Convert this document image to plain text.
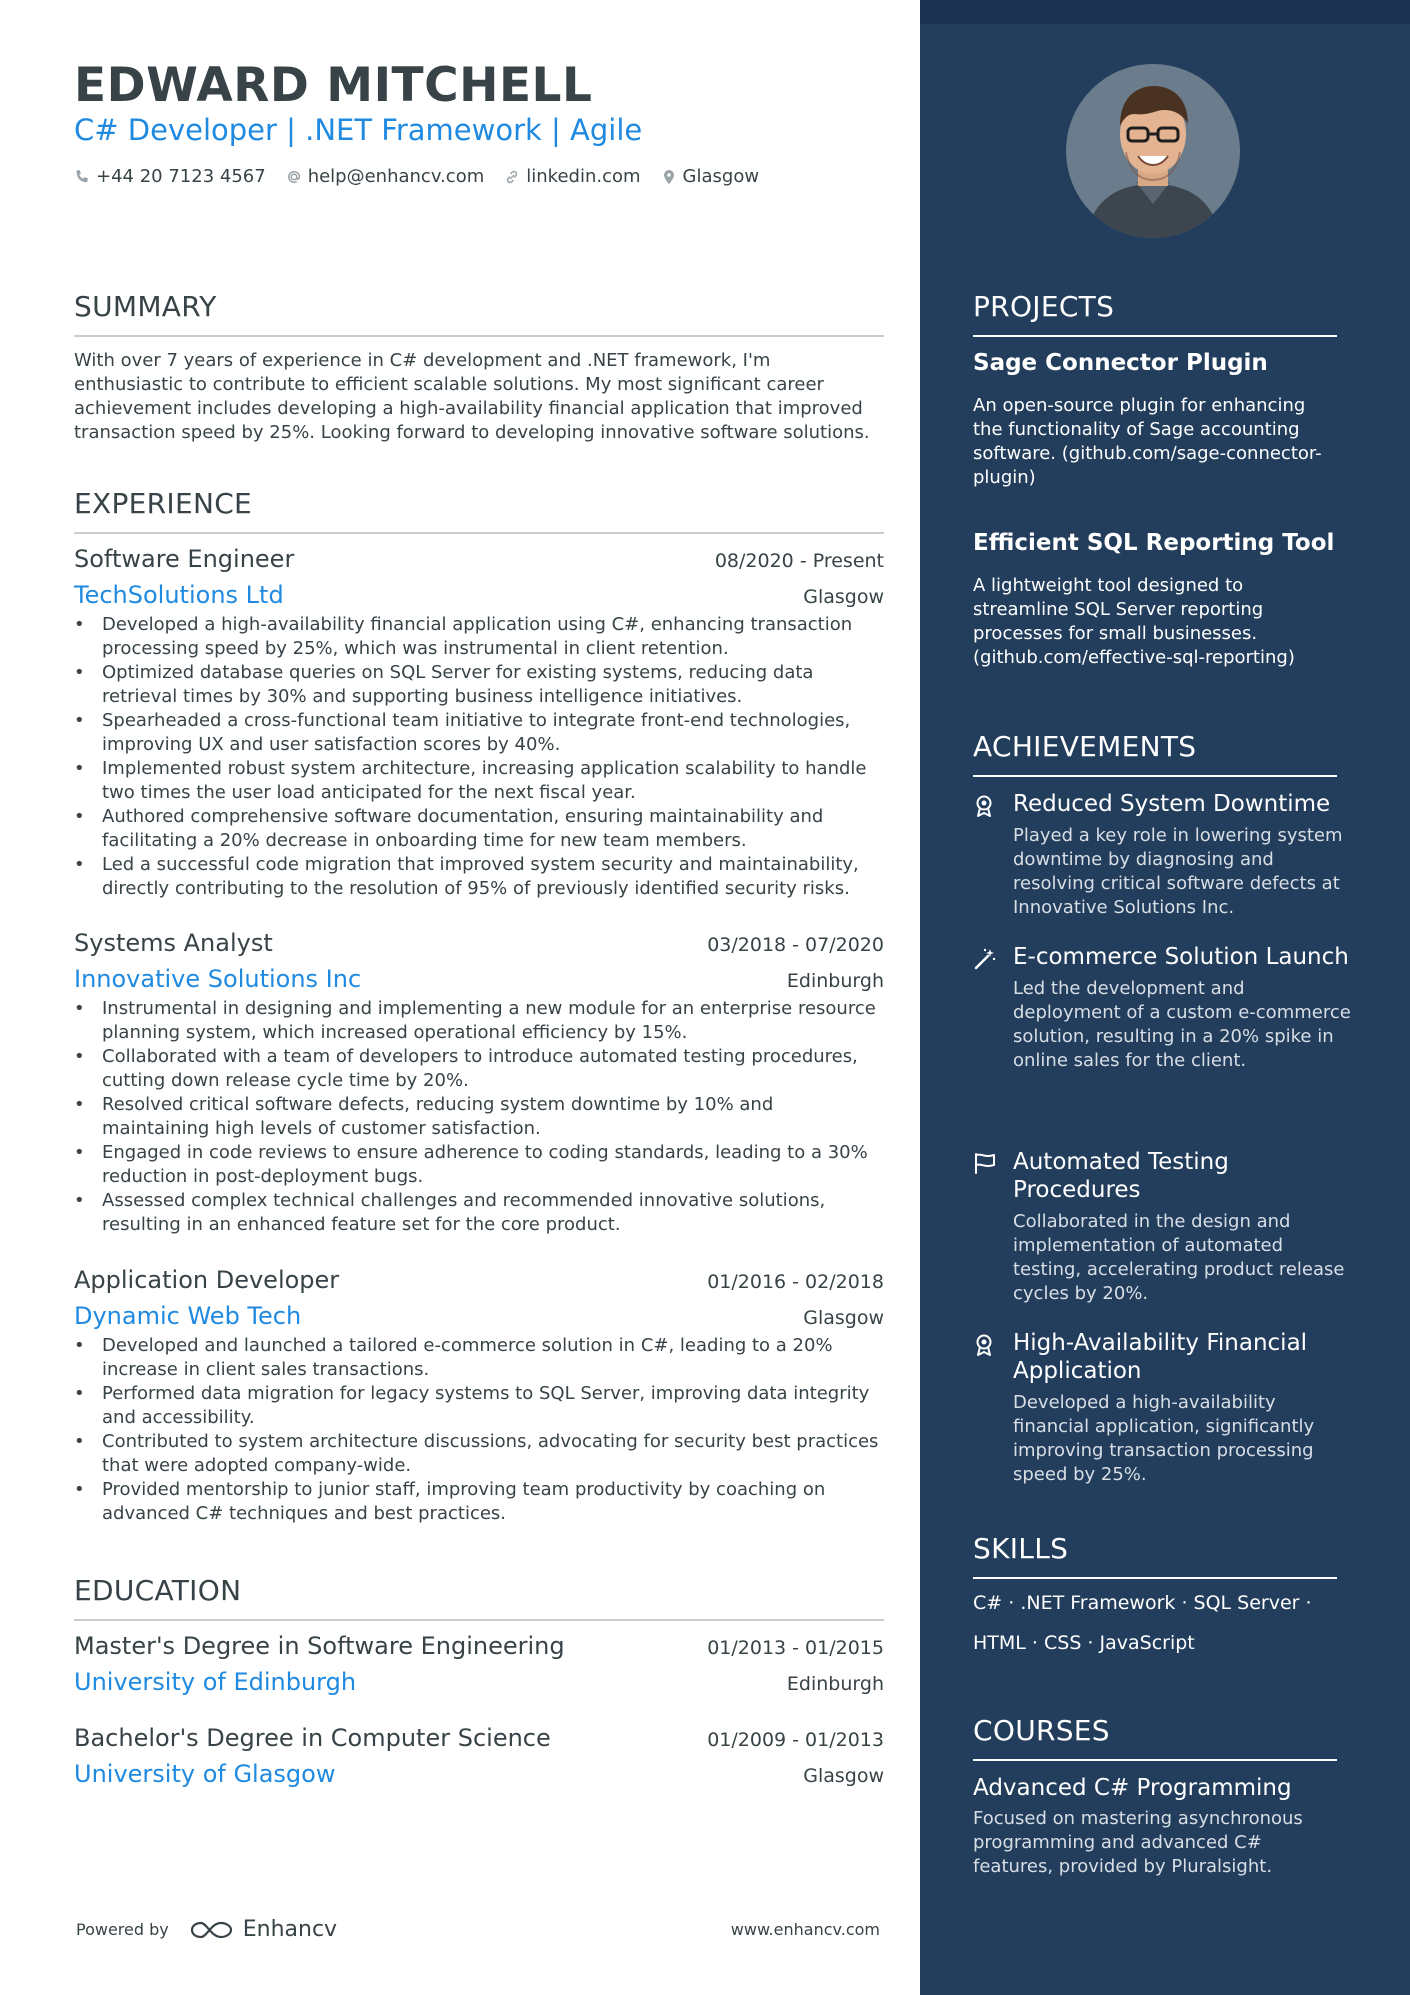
EDWARD MITCHELL
C# Developer | .NET Framework | Agile
+44 20 7123 4567 help@enhancv.com linkedin.com Glasgow
SUMMARY
With over 7 years of experience in C# development and .NET framework, I'm enthusiastic to contribute to efficient scalable solutions. My most significant career achievement includes developing a high-availability financial application that improved transaction speed by 25%. Looking forward to developing innovative software solutions.
EXPERIENCE
Software Engineer	08/2020 - Present
TechSolutions Ltd	Glasgow
• Developed a high-availability financial application using C#, enhancing transaction processing speed by 25%, which was instrumental in client retention.
• Optimized database queries on SQL Server for existing systems, reducing data retrieval times by 30% and supporting business intelligence initiatives.
• Spearheaded a cross-functional team initiative to integrate front-end technologies, improving UX and user satisfaction scores by 40%.
• Implemented robust system architecture, increasing application scalability to handle two times the user load anticipated for the next fiscal year.
• Authored comprehensive software documentation, ensuring maintainability and facilitating a 20% decrease in onboarding time for new team members.
• Led a successful code migration that improved system security and maintainability, directly contributing to the resolution of 95% of previously identified security risks.
Systems Analyst	03/2018 - 07/2020
Innovative Solutions Inc	Edinburgh
• Instrumental in designing and implementing a new module for an enterprise resource planning system, which increased operational efficiency by 15%.
• Collaborated with a team of developers to introduce automated testing procedures, cutting down release cycle time by 20%.
• Resolved critical software defects, reducing system downtime by 10% and maintaining high levels of customer satisfaction.
• Engaged in code reviews to ensure adherence to coding standards, leading to a 30% reduction in post-deployment bugs.
• Assessed complex technical challenges and recommended innovative solutions, resulting in an enhanced feature set for the core product.
Application Developer	01/2016 - 02/2018
Dynamic Web Tech	Glasgow
• Developed and launched a tailored e-commerce solution in C#, leading to a 20% increase in client sales transactions.
• Performed data migration for legacy systems to SQL Server, improving data integrity and accessibility.
• Contributed to system architecture discussions, advocating for security best practices that were adopted company-wide.
• Provided mentorship to junior staff, improving team productivity by coaching on advanced C# techniques and best practices.
EDUCATION
Master's Degree in Software Engineering	01/2013 - 01/2015
University of Edinburgh	Edinburgh
Bachelor's Degree in Computer Science	01/2009 - 01/2013
University of Glasgow	Glasgow
Powered by	Enhancv	www.enhancv.com
PROJECTS
Sage Connector Plugin
An open-source plugin for enhancing the functionality of Sage accounting software. (github.com/sage-connector-plugin)
Efficient SQL Reporting Tool
A lightweight tool designed to streamline SQL Server reporting processes for small businesses. (github.com/effective-sql-reporting)
ACHIEVEMENTS
Reduced System Downtime
Played a key role in lowering system downtime by diagnosing and resolving critical software defects at Innovative Solutions Inc.
E-commerce Solution Launch
Led the development and deployment of a custom e-commerce solution, resulting in a 20% spike in online sales for the client.
Automated Testing Procedures
Collaborated in the design and implementation of automated testing, accelerating product release cycles by 20%.
High-Availability Financial Application
Developed a high-availability financial application, significantly improving transaction processing speed by 25%.
SKILLS
C# · .NET Framework · SQL Server ·
HTML · CSS · JavaScript
COURSES
Advanced C# Programming
Focused on mastering asynchronous programming and advanced C# features, provided by Pluralsight.
